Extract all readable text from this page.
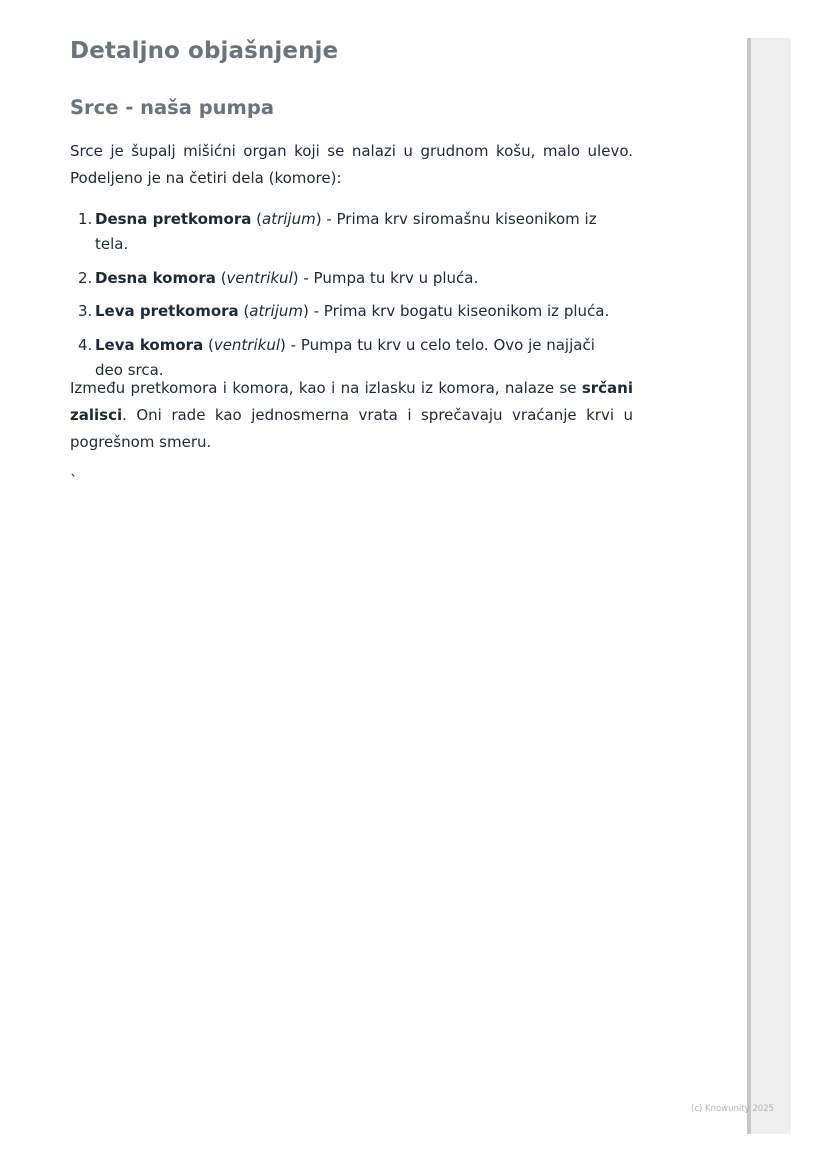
Detaljno objašnjenje
Srce - naša pumpa
Srce je šupalj mišićni organ koji se nalazi u grudnom košu, malo ulevo. Podeljeno je na četiri dela (komore):
1. Desna pretkomora (atrijum) - Prima krv siromašnu kiseonikom iz tela.
2. Desna komora (ventrikul) - Pumpa tu krv u pluća.
3. Leva pretkomora (atrijum) - Prima krv bogatu kiseonikom iz pluća.
4. Leva komora (ventrikul) - Pumpa tu krv u celo telo. Ovo je najjači deo srca.
Između pretkomora i komora, kao i na izlasku iz komora, nalaze se srčani zalisci. Oni rade kao jednosmerna vrata i sprečavaju vraćanje krvi u pogrešnom smeru.
`
(c) Knowunity 2025
